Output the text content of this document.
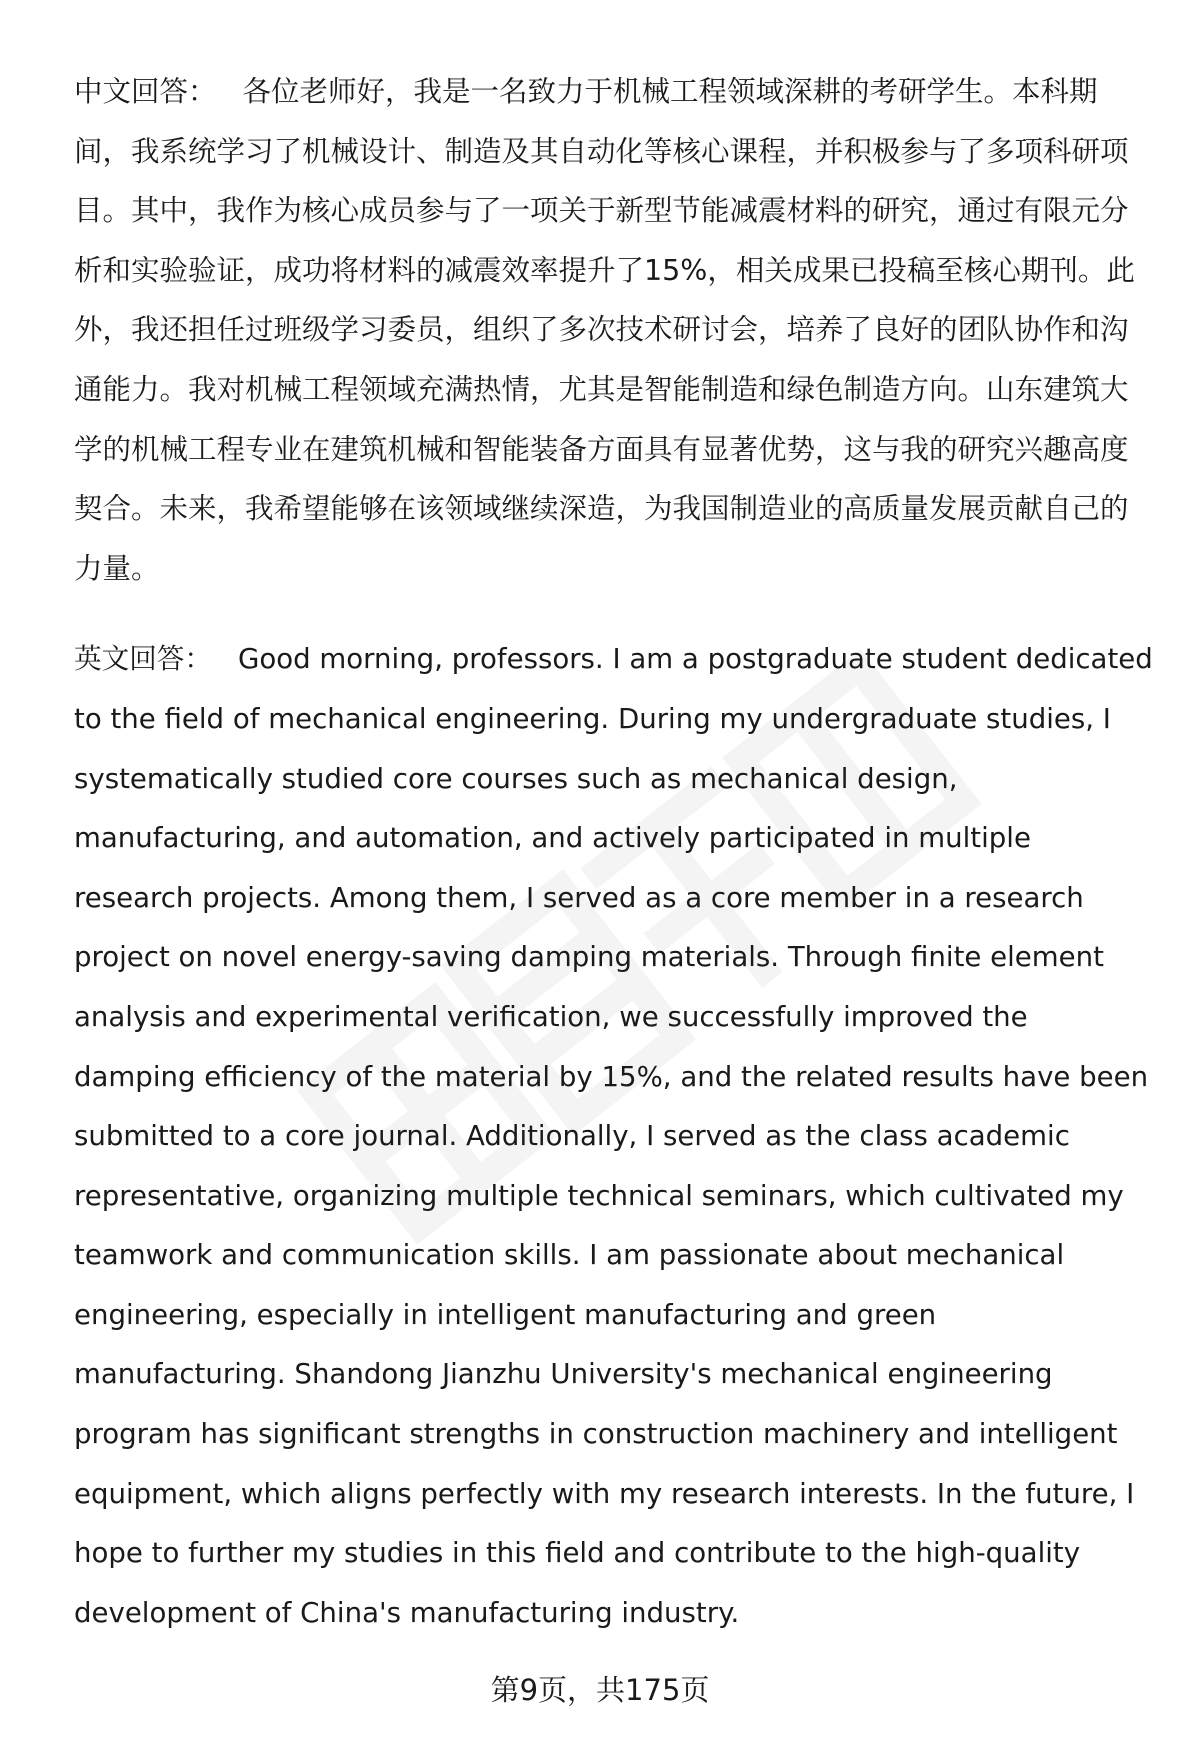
中文回答： 各位老师好，我是一名致力于机械工程领域深耕的考研学生。本科期间，我系统学习了机械设计、制造及其自动化等核心课程，并积极参与了多项科研项目。其中，我作为核心成员参与了一项关于新型节能减震材料的研究，通过有限元分析和实验验证，成功将材料的减震效率提升了15%，相关成果已投稿至核心期刊。此外，我还担任过班级学习委员，组织了多次技术研讨会，培养了良好的团队协作和沟通能力。我对机械工程领域充满热情，尤其是智能制造和绿色制造方向。山东建筑大学的机械工程专业在建筑机械和智能装备方面具有显著优势，这与我的研究兴趣高度契合。未来，我希望能够在该领域继续深造，为我国制造业的高质量发展贡献自己的力量。

英文回答： Good morning, professors. I am a postgraduate student dedicated to the field of mechanical engineering. During my undergraduate studies, I systematically studied core courses such as mechanical design, manufacturing, and automation, and actively participated in multiple research projects. Among them, I served as a core member in a research project on novel energy-saving damping materials. Through finite element analysis and experimental verification, we successfully improved the damping efficiency of the material by 15%, and the related results have been submitted to a core journal. Additionally, I served as the class academic representative, organizing multiple technical seminars, which cultivated my teamwork and communication skills. I am passionate about mechanical engineering, especially in intelligent manufacturing and green manufacturing. Shandong Jianzhu University's mechanical engineering program has significant strengths in construction machinery and intelligent equipment, which aligns perfectly with my research interests. In the future, I hope to further my studies in this field and contribute to the high-quality development of China's manufacturing industry.

第9页，共175页
